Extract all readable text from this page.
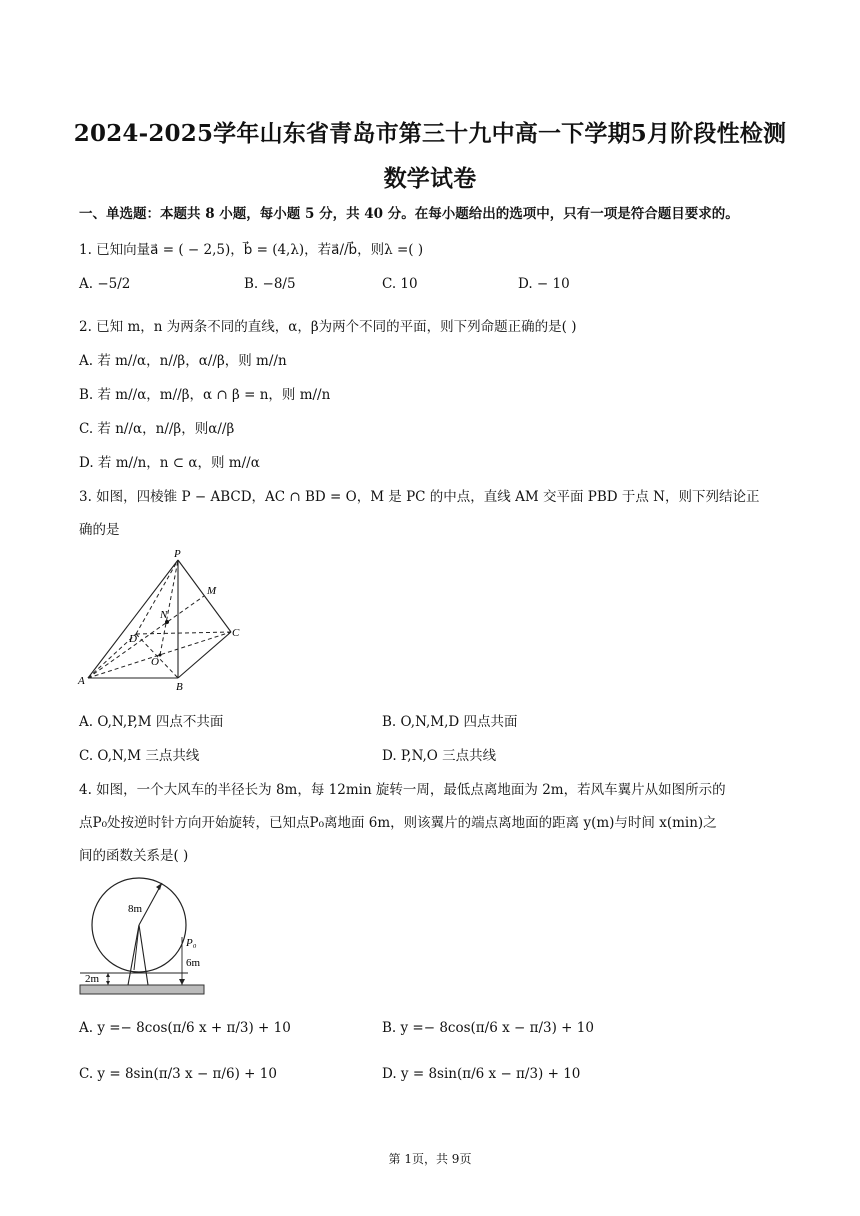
2024-2025学年山东省青岛市第三十九中高一下学期5月阶段性检测
数学试卷
一、单选题：本题共 8 小题，每小题 5 分，共 40 分。在每小题给出的选项中，只有一项是符合题目要求的。
1. 已知向量a⃗ = ( − 2,5)，b⃗ = (4,λ)，若a⃗//b⃗，则λ =( )
A. −5/2	B. −8/5	C. 10	D. − 10
2. 已知 m，n 为两条不同的直线，α，β为两个不同的平面，则下列命题正确的是( )
A. 若 m//α，n//β，α//β，则 m//n
B. 若 m//α，m//β，α ∩ β = n，则 m//n
C. 若 n//α，n//β，则α//β
D. 若 m//n，n ⊂ α，则 m//α
3. 如图，四棱锥 P − ABCD，AC ∩ BD = O，M 是 PC 的中点，直线 AM 交平面 PBD 于点 N，则下列结论正
确的是
P
M
N
D	C
O
A	B
A. O,N,P,M 四点不共面	B. O,N,M,D 四点共面
C. O,N,M 三点共线	D. P,N,O 三点共线
4. 如图，一个大风车的半径长为 8m，每 12min 旋转一周，最低点离地面为 2m，若风车翼片从如图所示的
点P₀处按逆时针方向开始旋转，已知点P₀离地面 6m，则该翼片的端点离地面的距离 y(m)与时间 x(min)之
间的函数关系是( )
8m
P₀
6m
2m
A. y =− 8cos(π/6 x + π/3) + 10	B. y =− 8cos(π/6 x − π/3) + 10
C. y = 8sin(π/3 x − π/6) + 10	D. y = 8sin(π/6 x − π/3) + 10
第 1页，共 9页
